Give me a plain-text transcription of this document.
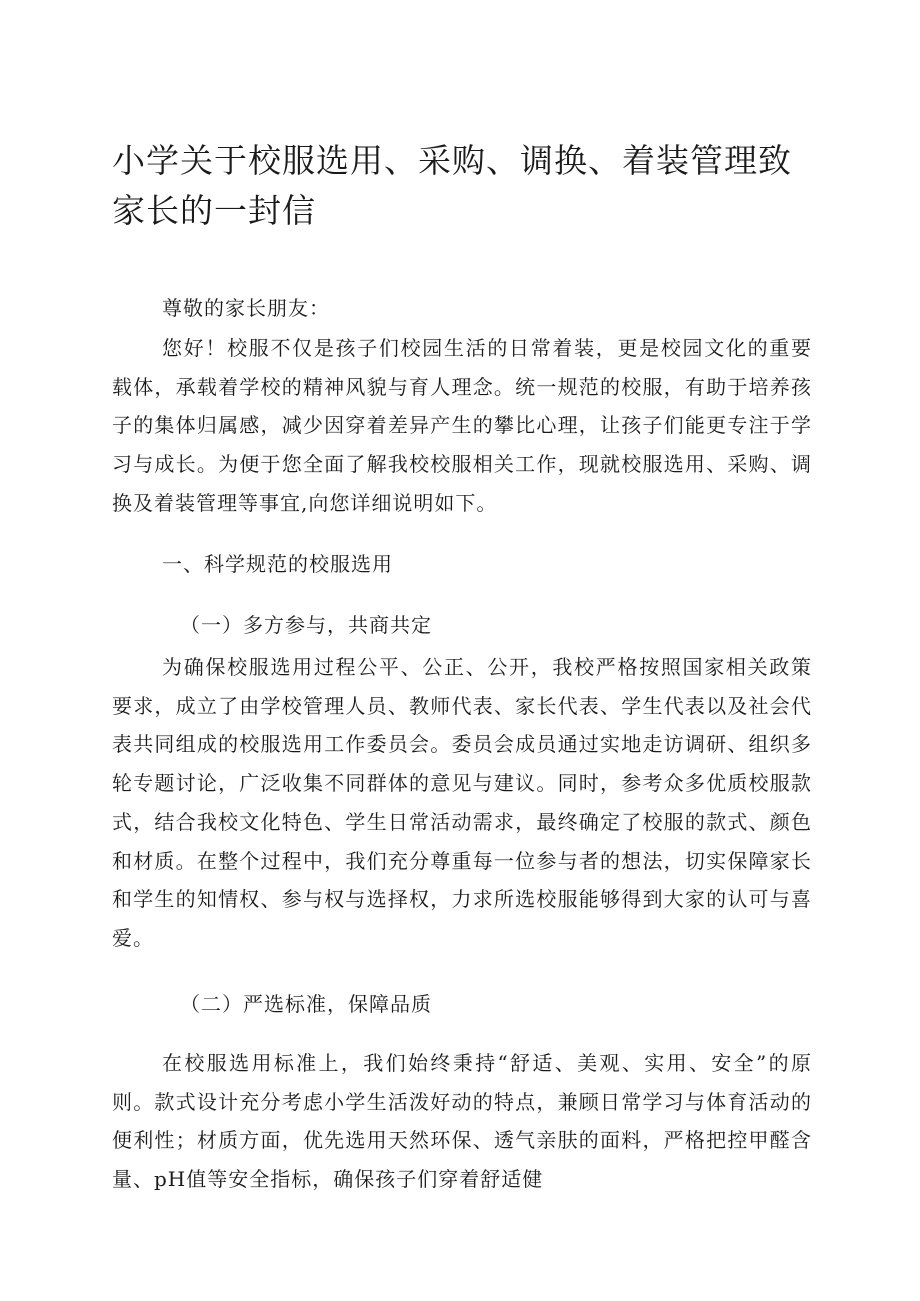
小学关于校服选用、采购、调换、着装管理致家长的一封信

尊敬的家长朋友：

您好！校服不仅是孩子们校园生活的日常着装，更是校园文化的重要载体，承载着学校的精神风貌与育人理念。统一规范的校服，有助于培养孩子的集体归属感，减少因穿着差异产生的攀比心理，让孩子们能更专注于学习与成长。为便于您全面了解我校校服相关工作，现就校服选用、采购、调换及着装管理等事宜,向您详细说明如下。

一、科学规范的校服选用

（一）多方参与，共商共定

为确保校服选用过程公平、公正、公开，我校严格按照国家相关政策要求，成立了由学校管理人员、教师代表、家长代表、学生代表以及社会代表共同组成的校服选用工作委员会。委员会成员通过实地走访调研、组织多轮专题讨论，广泛收集不同群体的意见与建议。同时，参考众多优质校服款式，结合我校文化特色、学生日常活动需求，最终确定了校服的款式、颜色和材质。在整个过程中，我们充分尊重每一位参与者的想法，切实保障家长和学生的知情权、参与权与选择权，力求所选校服能够得到大家的认可与喜爱。

（二）严选标准，保障品质

在校服选用标准上，我们始终秉持“舒适、美观、实用、安全”的原则。款式设计充分考虑小学生活泼好动的特点，兼顾日常学习与体育活动的便利性；材质方面，优先选用天然环保、透气亲肤的面料，严格把控甲醛含量、pH值等安全指标，确保孩子们穿着舒适健
